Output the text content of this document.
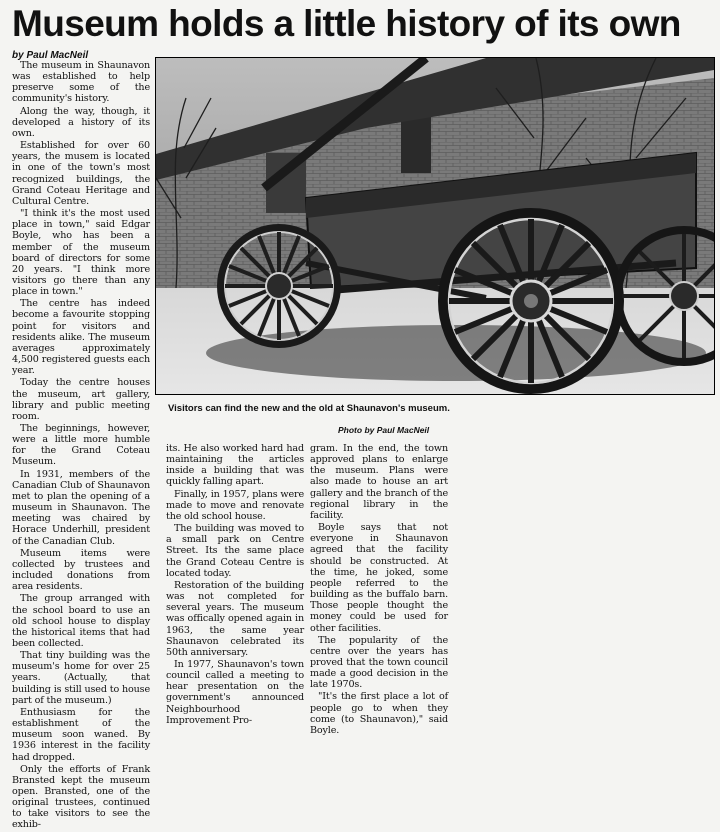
Museum holds a little history of its own
by Paul MacNeil

The museum in Shaunavon was established to help preserve some of the community's history.

Along the way, though, it developed a history of its own.

Established for over 60 years, the musem is located in one of the town's most recognized buildings, the Grand Coteau Heritage and Cultural Centre.

"I think it's the most used place in town," said Edgar Boyle, who has been a member of the museum board of directors for some 20 years. "I think more visitors go there than any place in town."

The centre has indeed become a favourite stopping point for visitors and residents alike. The museum averages approximately 4,500 registered guests each year.

Today the centre houses the museum, art gallery, library and public meeting room.

The beginnings, however, were a little more humble for the Grand Coteau Museum.

In 1931, members of the Canadian Club of Shaunavon met to plan the opening of a museum in Shaunavon. The meeting was chaired by Horace Underhill, president of the Canadian Club.

Museum items were collected by trustees and included donations from area residents.

The group arranged with the school board to use an old school house to display the historical items that had been collected.

That tiny building was the museum's home for over 25 years. (Actually, that building is still used to house part of the museum.)

Enthusiasm for the establishment of the museum soon waned. By 1936 interest in the facility had dropped.

Only the efforts of Frank Bransted kept the museum open. Bransted, one of the original trustees, continued to take visitors to see the exhib-

Visitors can find the new and the old at Shaunavon's museum.
Photo by Paul MacNeil

its. He also worked hard had maintaining the articles inside a building that was quickly falling apart.

Finally, in 1957, plans were made to move and renovate the old school house.

The building was moved to a small park on Centre Street. Its the same place the Grand Coteau Centre is located today.

Restoration of the building was not completed for several years. The museum was offically opened again in 1963, the same year Shaunavon celebrated its 50th anniversary.

In 1977, Shaunavon's town council called a meeting to hear presentation on the government's announced Neighbourhood Improvement Pro-

gram. In the end, the town approved plans to enlarge the museum. Plans were also made to house an art gallery and the branch of the regional library in the facility.

Boyle says that not everyone in Shaunavon agreed that the facility should be constructed. At the time, he joked, some people referred to the building as the buffalo barn. Those people thought the money could be used for other facilities.

The popularity of the centre over the years has proved that the town council made a good decision in the late 1970s.

"It's the first place a lot of people go to when they come (to Shaunavon)," said Boyle.
